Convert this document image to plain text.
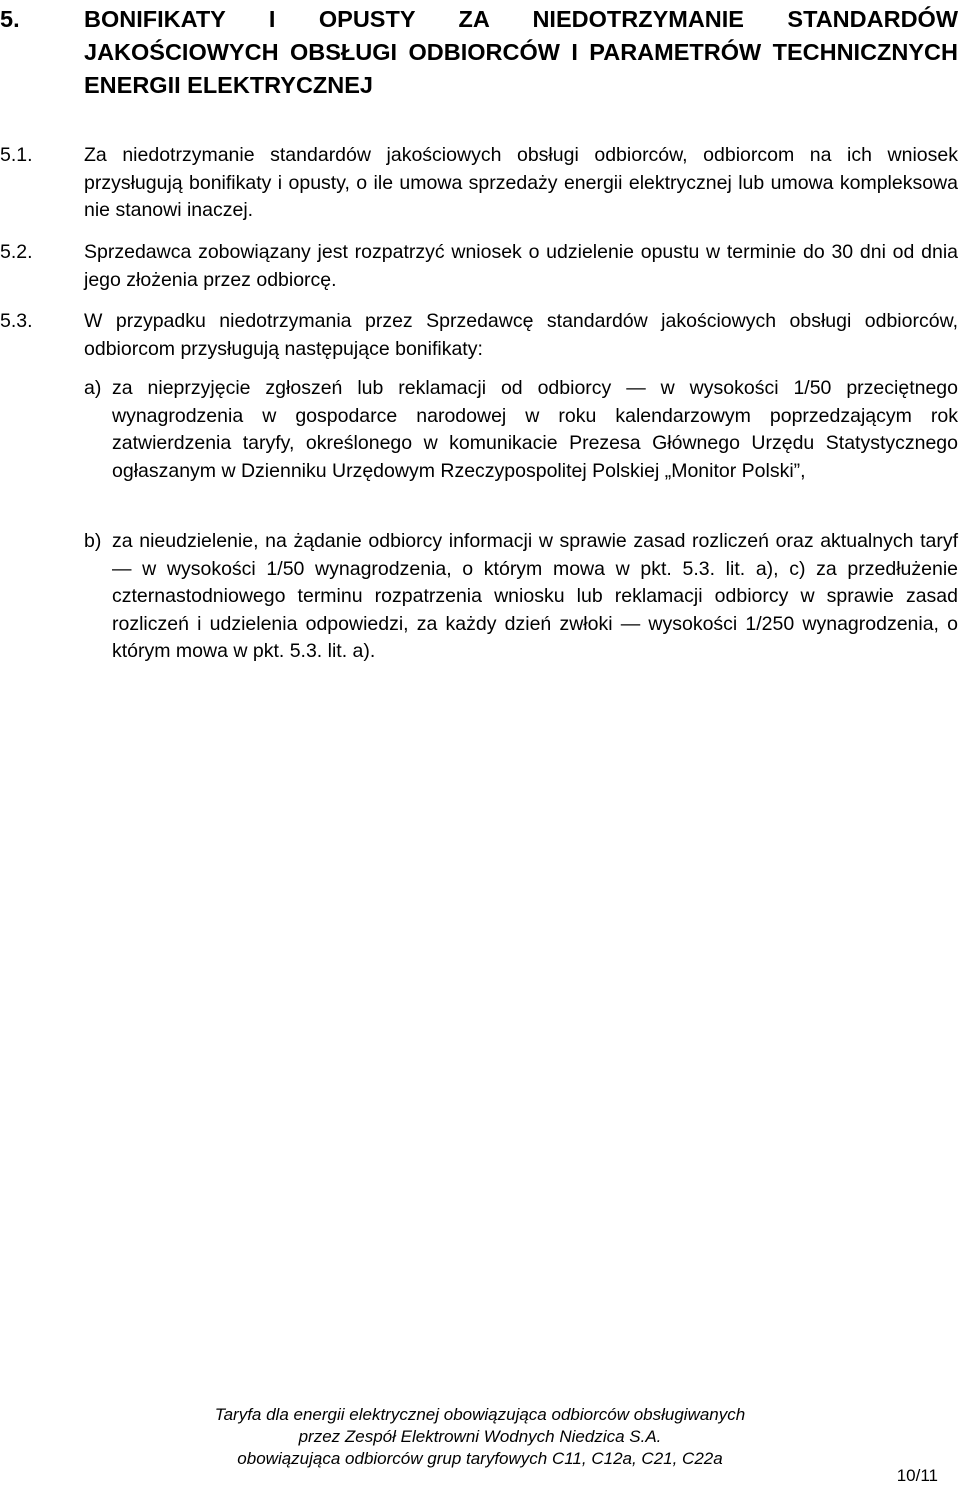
5.	BONIFIKATY I OPUSTY ZA NIEDOTRZYMANIE STANDARDÓW JAKOŚCIOWYCH OBSŁUGI ODBIORCÓW I PARAMETRÓW TECHNICZNYCH ENERGII ELEKTRYCZNEJ
5.1.	Za niedotrzymanie standardów jakościowych obsługi odbiorców, odbiorcom na ich wniosek przysługują bonifikaty i opusty, o ile umowa sprzedaży energii elektrycznej lub umowa kompleksowa nie stanowi inaczej.
5.2.	Sprzedawca zobowiązany jest rozpatrzyć wniosek o udzielenie opustu w terminie do 30 dni od dnia jego złożenia przez odbiorcę.
5.3.	W przypadku niedotrzymania przez Sprzedawcę standardów jakościowych obsługi odbiorców, odbiorcom przysługują następujące bonifikaty:
a) za nieprzyjęcie zgłoszeń lub reklamacji od odbiorcy — w wysokości 1/50 przeciętnego wynagrodzenia w gospodarce narodowej w roku kalendarzowym poprzedzającym rok zatwierdzenia taryfy, określonego w komunikacie Prezesa Głównego Urzędu Statystycznego ogłaszanym w Dzienniku Urzędowym Rzeczypospolitej Polskiej „Monitor Polski”,
b) za nieudzielenie, na żądanie odbiorcy informacji w sprawie zasad rozliczeń oraz aktualnych taryf — w wysokości 1/50 wynagrodzenia, o którym mowa w pkt. 5.3. lit. a), c) za przedłużenie czternastodniowego terminu rozpatrzenia wniosku lub reklamacji odbiorcy w sprawie zasad rozliczeń i udzielenia odpowiedzi, za każdy dzień zwłoki — wysokości 1/250 wynagrodzenia, o którym mowa w pkt. 5.3. lit. a).
Taryfa dla energii elektrycznej obowiązująca odbiorców obsługiwanych
przez Zespół Elektrowni Wodnych Niedzica S.A.
obowiązująca odbiorców grup taryfowych C11, C12a, C21, C22a
10/11
